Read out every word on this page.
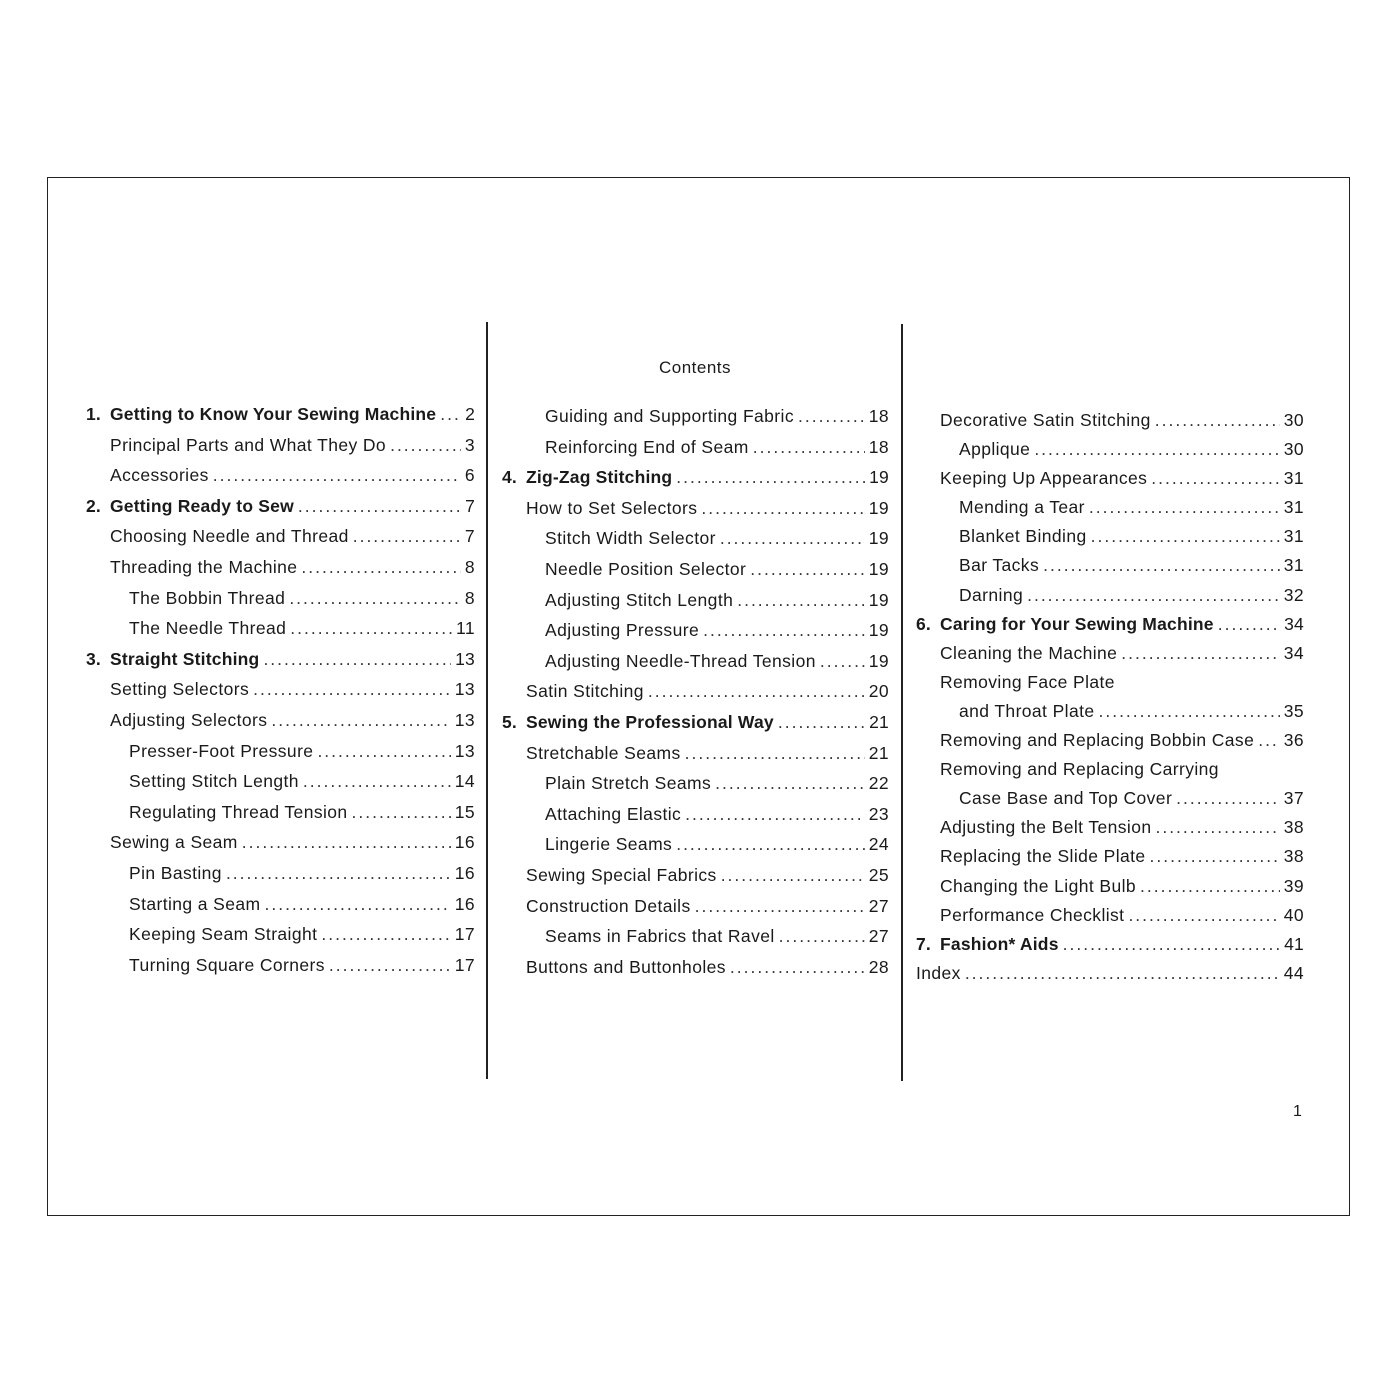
Contents
1. Getting to Know Your Sewing Machine ..... 2
Principal Parts and What They Do .....	3
Accessories .....	6
2. Getting Ready to Sew .....	7
Choosing Needle and Thread .....	7
Threading the Machine .....	8
The Bobbin Thread .....	8
The Needle Thread .....	11
3. Straight Stitching .....	13
Setting Selectors .....	13
Adjusting Selectors .....	13
Presser-Foot Pressure .....	13
Setting Stitch Length .....	14
Regulating Thread Tension .....	15
Sewing a Seam .....	16
Pin Basting .....	16
Starting a Seam .....	16
Keeping Seam Straight .....	17
Turning Square Corners .....	17
Guiding and Supporting Fabric .....	18
Reinforcing End of Seam .....	18
4. Zig-Zag Stitching .....	19
How to Set Selectors .....	19
Stitch Width Selector .....	19
Needle Position Selector .....	19
Adjusting Stitch Length .....	19
Adjusting Pressure .....	19
Adjusting Needle-Thread Tension .....	19
Satin Stitching .....	20
5. Sewing the Professional Way .....	21
Stretchable Seams .....	21
Plain Stretch Seams .....	22
Attaching Elastic .....	23
Lingerie Seams .....	24
Sewing Special Fabrics .....	25
Construction Details .....	27
Seams in Fabrics that Ravel .....	27
Buttons and Buttonholes .....	28
Decorative Satin Stitching .....	30
Applique .....	30
Keeping Up Appearances .....	31
Mending a Tear .....	31
Blanket Binding .....	31
Bar Tacks .....	31
Darning .....	32
6. Caring for Your Sewing Machine .....	34
Cleaning the Machine .....	34
Removing Face Plate
and Throat Plate .....	35
Removing and Replacing Bobbin Case ..... 36
Removing and Replacing Carrying
Case Base and Top Cover .....	37
Adjusting the Belt Tension .....	38
Replacing the Slide Plate .....	38
Changing the Light Bulb .....	39
Performance Checklist .....	40
7. Fashion* Aids .....	41
Index .....	44
1
